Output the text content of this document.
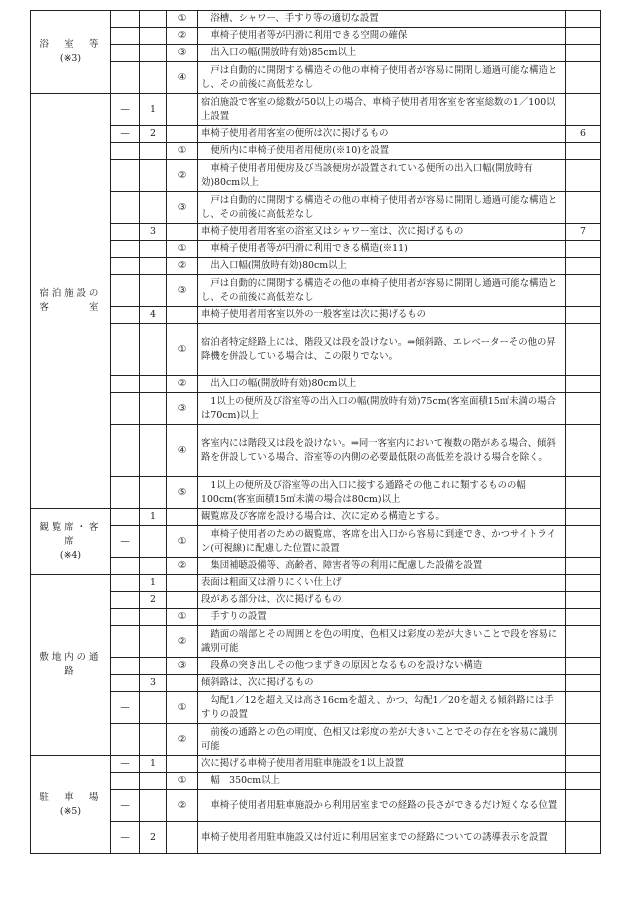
浴　室　等
(※3)			①	浴槽、シャワー、手すり等の適切な設置	
			②	車椅子使用者等が円滑に利用できる空間の確保	
			③	出入口の幅(開放時有効)85cm以上	
			④	戸は自動的に開閉する構造その他の車椅子使用者が容易に開閉し通過可能な構造とし、その前後に高低差なし	
宿泊施設の客　　　室	—	1		宿泊施設で客室の総数が50以上の場合、車椅子使用者用客室を客室総数の1／100以上設置	
	—	2		車椅子使用者用客室の便所は次に掲げるもの	6
			①	便所内に車椅子使用者用便房(※10)を設置	
			②	車椅子使用者用便房及び当該便房が設置されている便所の出入口幅(開放時有効)80cm以上	
			③	戸は自動的に開閉する構造その他の車椅子使用者が容易に開閉し通過可能な構造とし、その前後に高低差なし	
		3		車椅子使用者用客室の浴室又はシャワー室は、次に掲げるもの	7
			①	車椅子使用者等が円滑に利用できる構造(※11)	
			②	出入口幅(開放時有効)80cm以上	
			③	戸は自動的に開閉する構造その他の車椅子使用者が容易に開閉し通過可能な構造とし、その前後に高低差なし	
		4		車椅子使用者用客室以外の一般客室は次に掲げるもの	
			①	宿泊者特定経路上には、階段又は段を設けない。⇒傾斜路、エレベーターその他の昇降機を併設している場合は、この限りでない。	
			②	出入口の幅(開放時有効)80cm以上	
			③	1以上の便所及び浴室等の出入口の幅(開放時有効)75cm(客室面積15㎡未満の場合は70cm)以上	
			④	客室内には階段又は段を設けない。⇒同一客室内において複数の階がある場合、傾斜路を併設している場合、浴室等の内側の必要最低限の高低差を設ける場合を除く。	
			⑤	1以上の便所及び浴室等の出入口に接する通路その他これに類するものの幅100cm(客室面積15㎡未満の場合は80cm)以上	
観覧席・客席
(※4)		1		観覧席及び客席を設ける場合は、次に定める構造とする。	
	—		①	車椅子使用者のための観覧席、客席を出入口から容易に到達でき、かつサイトライン(可視線)に配慮した位置に設置	
			②	集団補聴設備等、高齢者、障害者等の利用に配慮した設備を設置	
敷地内の通路		1		表面は粗面又は滑りにくい仕上げ	
		2		段がある部分は、次に掲げるもの	
			①	手すりの設置	
			②	踏面の端部とその周囲とを色の明度、色相又は彩度の差が大きいことで段を容易に識別可能	
			③	段鼻の突き出しその他つまずきの原因となるものを設けない構造	
		3		傾斜路は、次に掲げるもの	
	—		①	勾配1／12を超え又は高さ16cmを超え、かつ、勾配1／20を超える傾斜路には手すりの設置	
			②	前後の通路との色の明度、色相又は彩度の差が大きいことでその存在を容易に識別可能	
駐　車　場
(※5)	—	1		次に掲げる車椅子使用者用駐車施設を1以上設置	
			①	幅　350cm以上	
	—		②	車椅子使用者用駐車施設から利用居室までの経路の長さができるだけ短くなる位置	
	—	2		車椅子使用者用駐車施設又は付近に利用居室までの経路についての誘導表示を設置	
